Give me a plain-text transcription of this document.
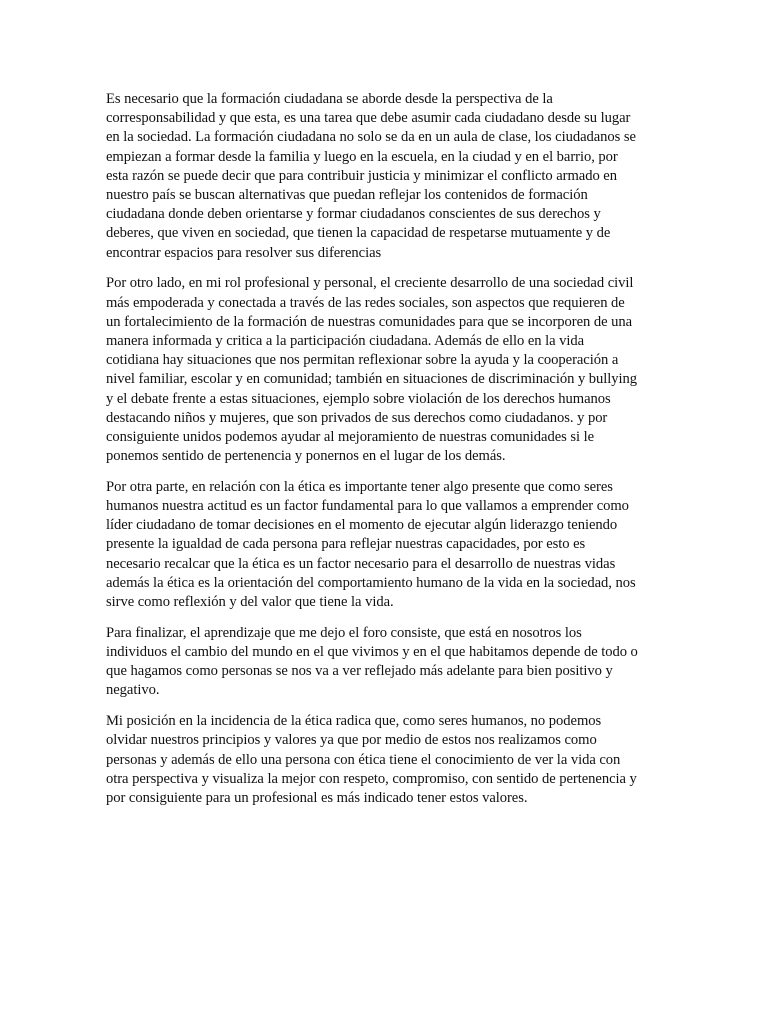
Es necesario que la formación ciudadana se aborde desde la perspectiva de la
corresponsabilidad y que esta, es una tarea que debe asumir cada ciudadano desde su lugar
en la sociedad. La formación ciudadana no solo se da en un aula de clase, los ciudadanos se
empiezan a formar desde la familia y luego en la escuela, en la ciudad y en el barrio, por
esta razón se puede decir que para contribuir justicia y minimizar el conflicto armado en
nuestro país se buscan alternativas que puedan reflejar los contenidos de formación
ciudadana donde deben orientarse y formar ciudadanos conscientes de sus derechos y
deberes, que viven en sociedad, que tienen la capacidad de respetarse mutuamente y de
encontrar espacios para resolver sus diferencias

Por otro lado, en mi rol profesional y personal, el creciente desarrollo de una sociedad civil
más empoderada y conectada a través de las redes sociales, son aspectos que requieren de
un fortalecimiento de la formación de nuestras comunidades para que se incorporen de una
manera informada y critica a la participación ciudadana. Además de ello en la vida
cotidiana hay situaciones que nos permitan reflexionar sobre la ayuda y la cooperación a
nivel familiar, escolar y en comunidad; también en situaciones de discriminación y bullying
y el debate frente a estas situaciones, ejemplo sobre violación de los derechos humanos
destacando niños y mujeres, que son privados de sus derechos como ciudadanos. y por
consiguiente unidos podemos ayudar al mejoramiento de nuestras comunidades si le
ponemos sentido de pertenencia y ponernos en el lugar de los demás.

Por otra parte, en relación con la ética es importante tener algo presente que como seres
humanos nuestra actitud es un factor fundamental para lo que vallamos a emprender como
líder ciudadano de tomar decisiones en el momento de ejecutar algún liderazgo teniendo
presente la igualdad de cada persona para reflejar nuestras capacidades, por esto es
necesario recalcar que la ética es un factor necesario para el desarrollo de nuestras vidas
además la ética es la orientación del comportamiento humano de la vida en la sociedad, nos
sirve como reflexión y del valor que tiene la vida.

Para finalizar, el aprendizaje que me dejo el foro consiste, que está en nosotros los
individuos el cambio del mundo en el que vivimos y en el que habitamos depende de todo o
que hagamos como personas se nos va a ver reflejado más adelante para bien positivo y
negativo.

Mi posición en la incidencia de la ética radica que, como seres humanos, no podemos
olvidar nuestros principios y valores ya que por medio de estos nos realizamos como
personas y además de ello una persona con ética tiene el conocimiento de ver la vida con
otra perspectiva y visualiza la mejor con respeto, compromiso, con sentido de pertenencia y
por consiguiente para un profesional es más indicado tener estos valores.
